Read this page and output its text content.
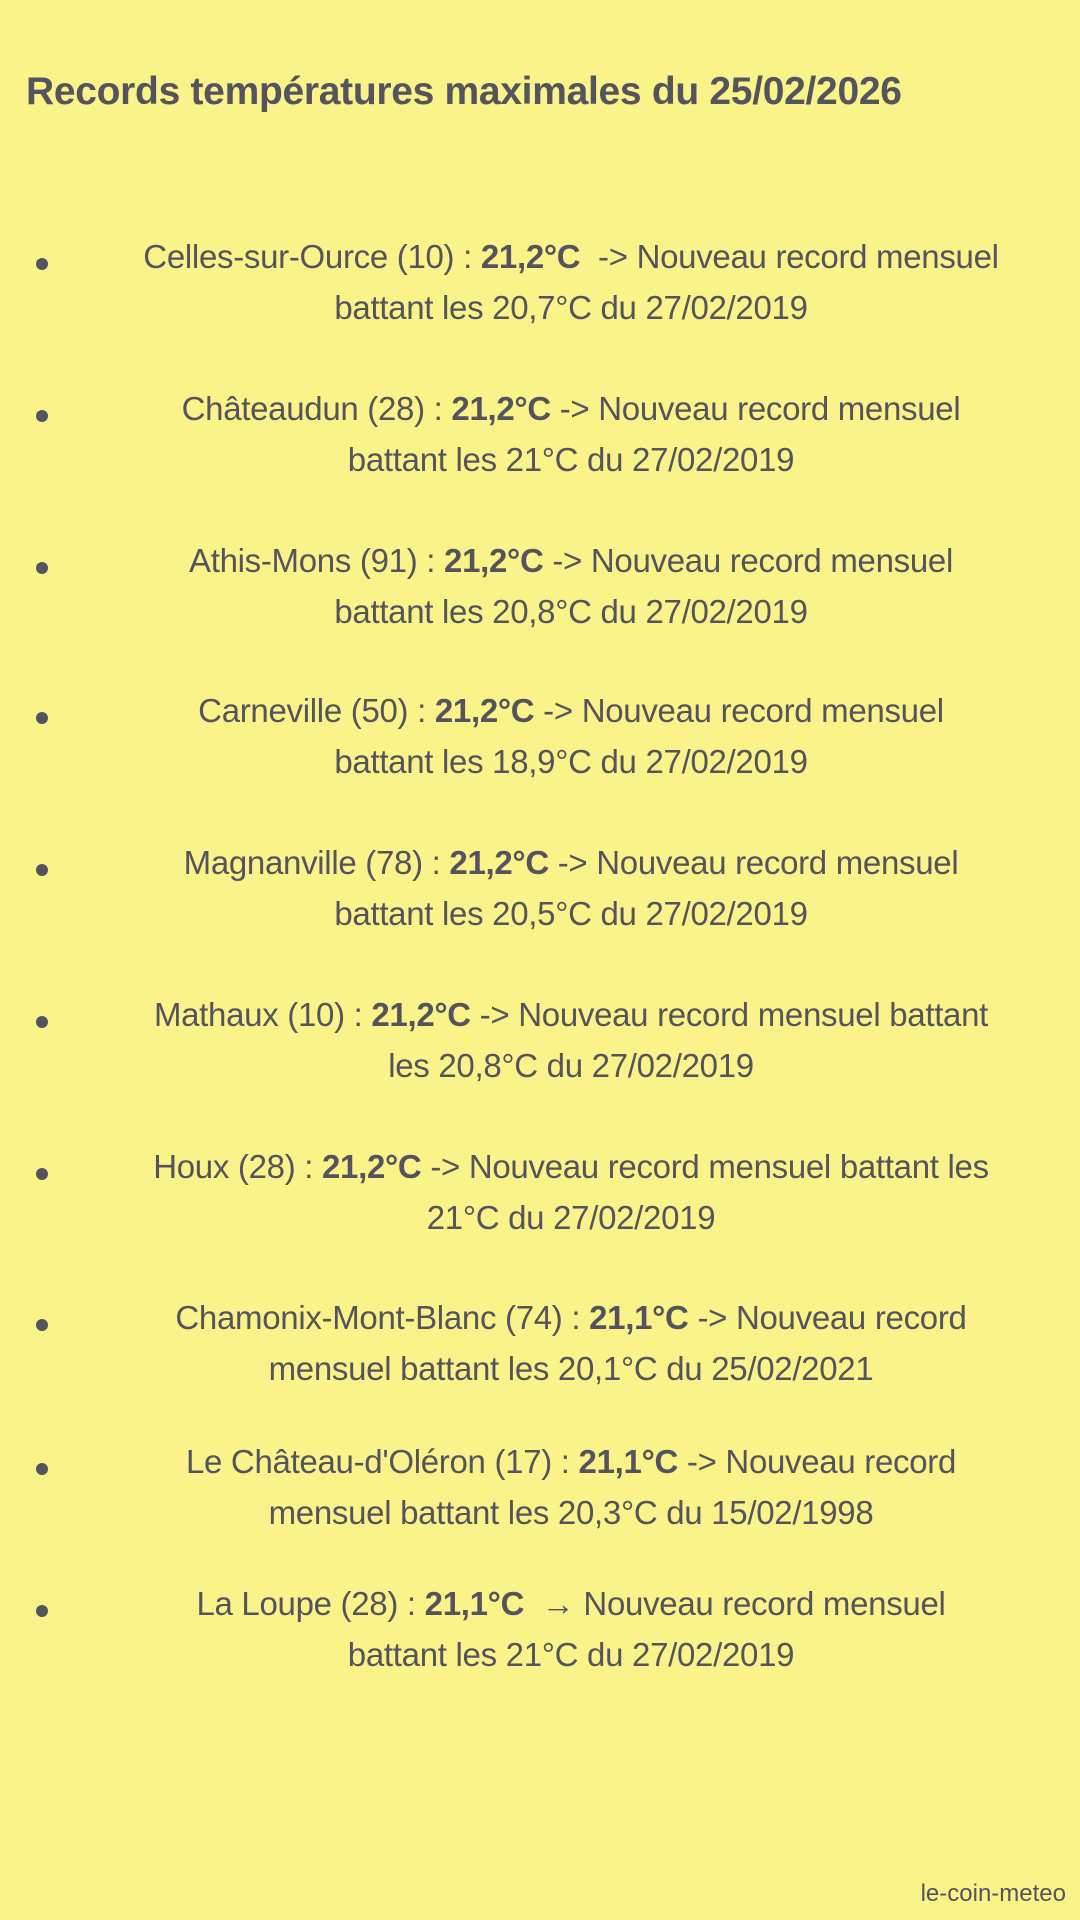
Records températures maximales du 25/02/2026
Celles-sur-Ource (10) : 21,2°C  -> Nouveau record mensuel
battant les 20,7°C du 27/02/2019
Châteaudun (28) : 21,2°C -> Nouveau record mensuel
battant les 21°C du 27/02/2019
Athis-Mons (91) : 21,2°C -> Nouveau record mensuel
battant les 20,8°C du 27/02/2019
Carneville (50) : 21,2°C -> Nouveau record mensuel
battant les 18,9°C du 27/02/2019
Magnanville (78) : 21,2°C -> Nouveau record mensuel
battant les 20,5°C du 27/02/2019
Mathaux (10) : 21,2°C -> Nouveau record mensuel battant
les 20,8°C du 27/02/2019
Houx (28) : 21,2°C -> Nouveau record mensuel battant les
21°C du 27/02/2019
Chamonix-Mont-Blanc (74) : 21,1°C -> Nouveau record
mensuel battant les 20,1°C du 25/02/2021
Le Château-d'Oléron (17) : 21,1°C -> Nouveau record
mensuel battant les 20,3°C du 15/02/1998
La Loupe (28) : 21,1°C  → Nouveau record mensuel
battant les 21°C du 27/02/2019
le-coin-meteo
